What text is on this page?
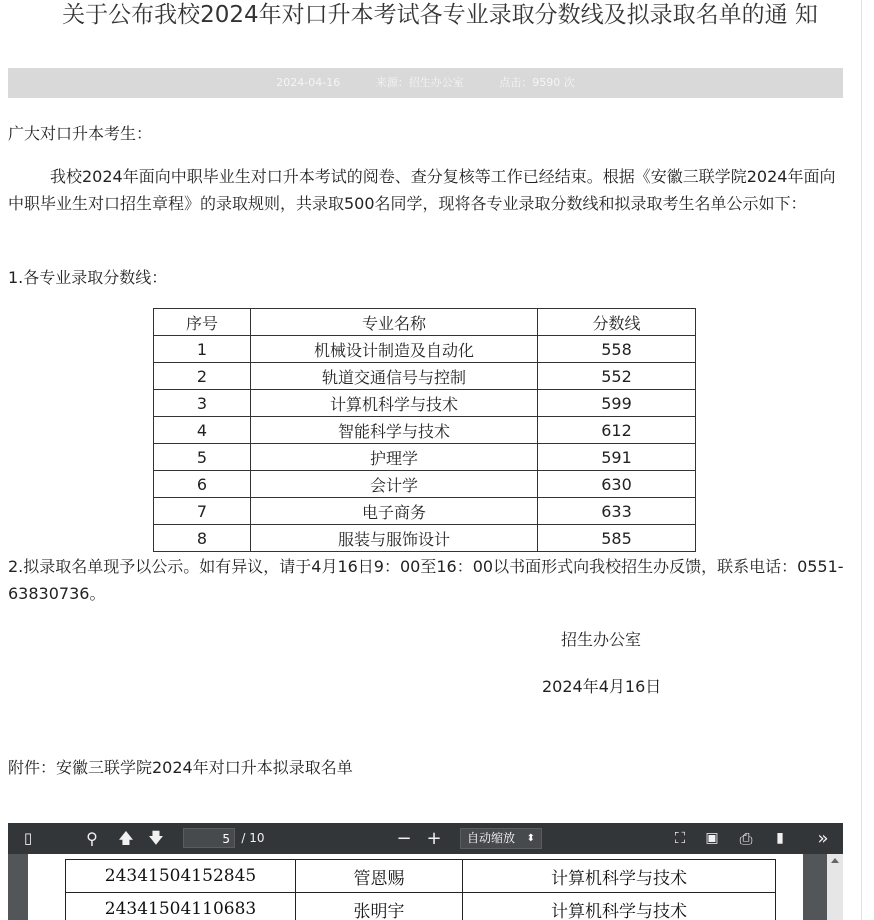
关于公布我校2024年对口升本考试各专业录取分数线及拟录取名单的通 知
2024-04-16	来源：招生办公室	点击：9590 次
广大对口升本考生：
我校2024年面向中职毕业生对口升本考试的阅卷、查分复核等工作已经结束。根据《安徽三联学院2024年面向中职毕业生对口招生章程》的录取规则，共录取500名同学，现将各专业录取分数线和拟录取考生名单公示如下：
1.各专业录取分数线：
序号	专业名称	分数线
1	机械设计制造及自动化	558
2	轨道交通信号与控制	552
3	计算机科学与技术	599
4	智能科学与技术	612
5	护理学	591
6	会计学	630
7	电子商务	633
8	服装与服饰设计	585
2.拟录取名单现予以公示。如有异议，请于4月16日9：00至16：00以书面形式向我校招生办反馈，联系电话：0551-63830736。
招生办公室
2024年4月16日
附件：安徽三联学院2024年对口升本拟录取名单
▯	⚲	🡅 🡇	5 / 10	− +	自动缩放 ⬍	⛶	▣	⎙	▮	»
24341504152845	管恩赐	计算机科学与技术
24341504110683	张明宇	计算机科学与技术
